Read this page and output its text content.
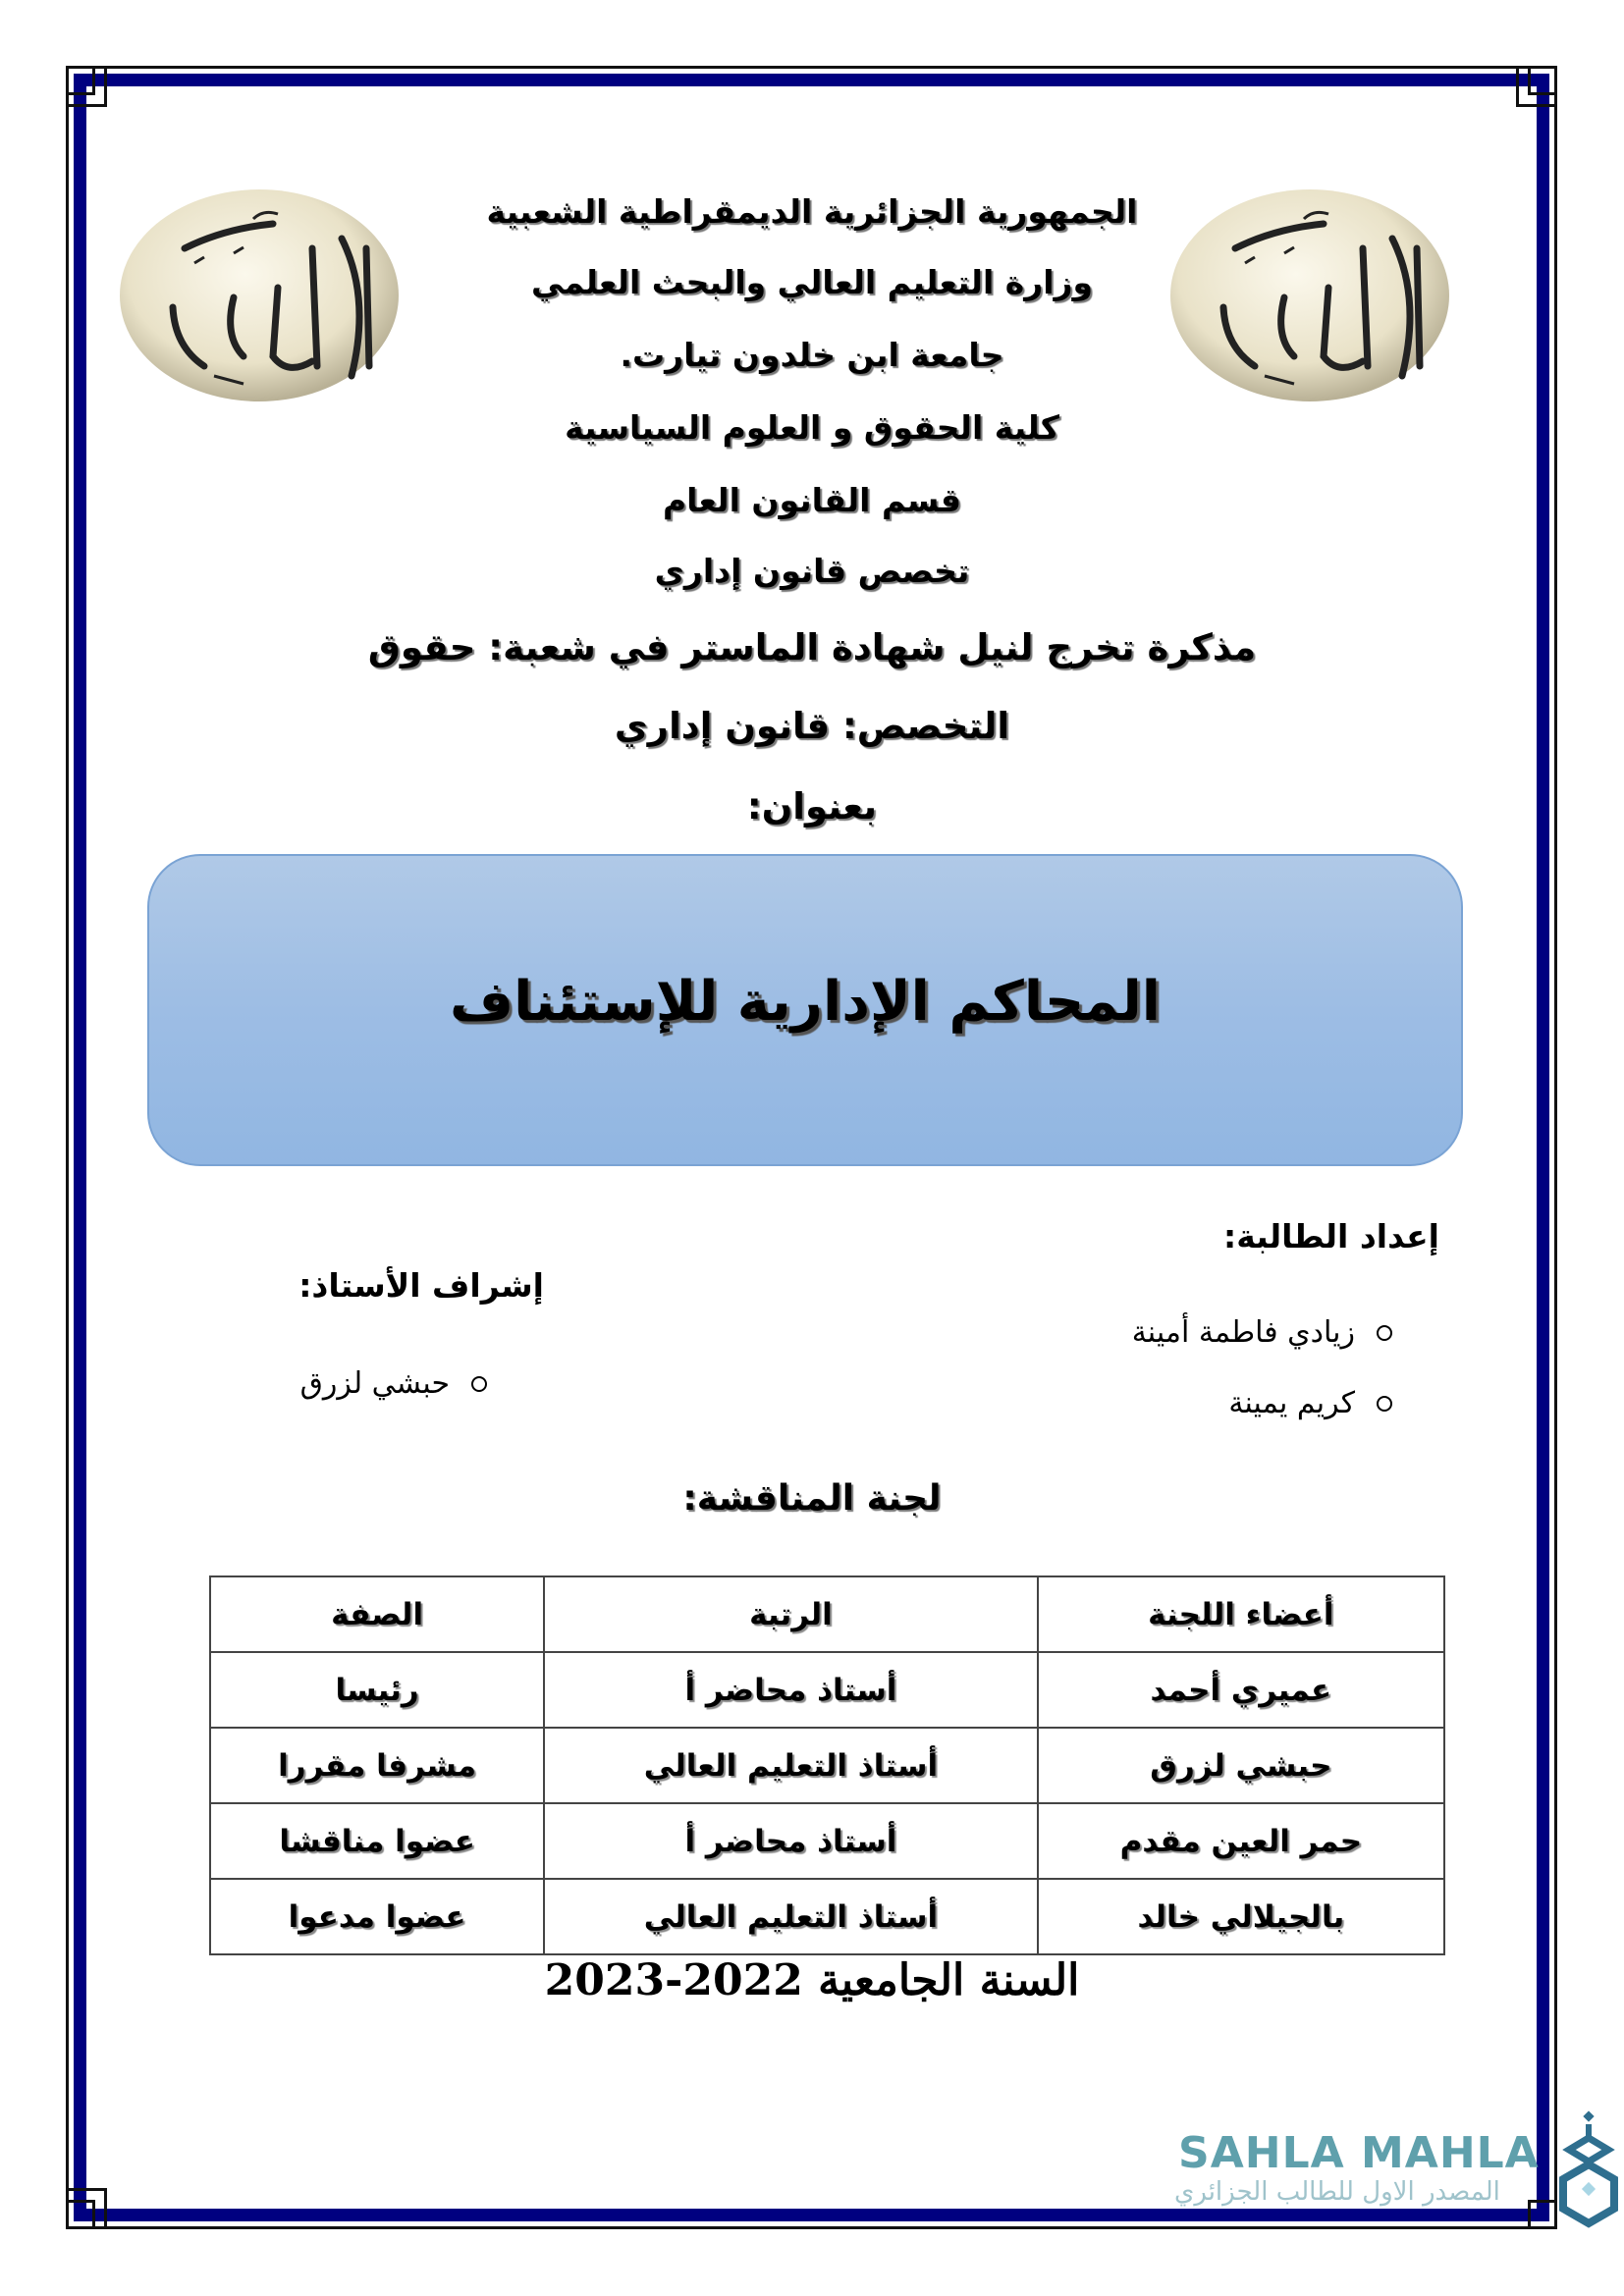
الجمهورية الجزائرية الديمقراطية الشعبية
وزارة التعليم العالي والبحث العلمي
جامعة ابن خلدون تيارت.
كلية الحقوق و العلوم السياسية
قسم القانون العام
تخصص قانون إداري
مذكرة تخرج لنيل شهادة الماستر في شعبة: حقوق
التخصص: قانون إداري
بعنوان:
المحاكم الإدارية للإستئناف
إعداد الطالبة:
زيادي فاطمة أمينة
كريم يمينة
إشراف الأستاذ:
حبشي لزرق
لجنة المناقشة:
أعضاء اللجنة	الرتبة	الصفة
عميري أحمد	أستاذ محاضر أ	رئيسا
حبشي لزرق	أستاذ التعليم العالي	مشرفا مقررا
حمر العين مقدم	أستاذ محاضر أ	عضوا مناقشا
بالجيلالي خالد	أستاذ التعليم العالي	عضوا مدعوا
السنة الجامعية 2022-2023
SAHLA MAHLA
المصدر الاول للطالب الجزائري
